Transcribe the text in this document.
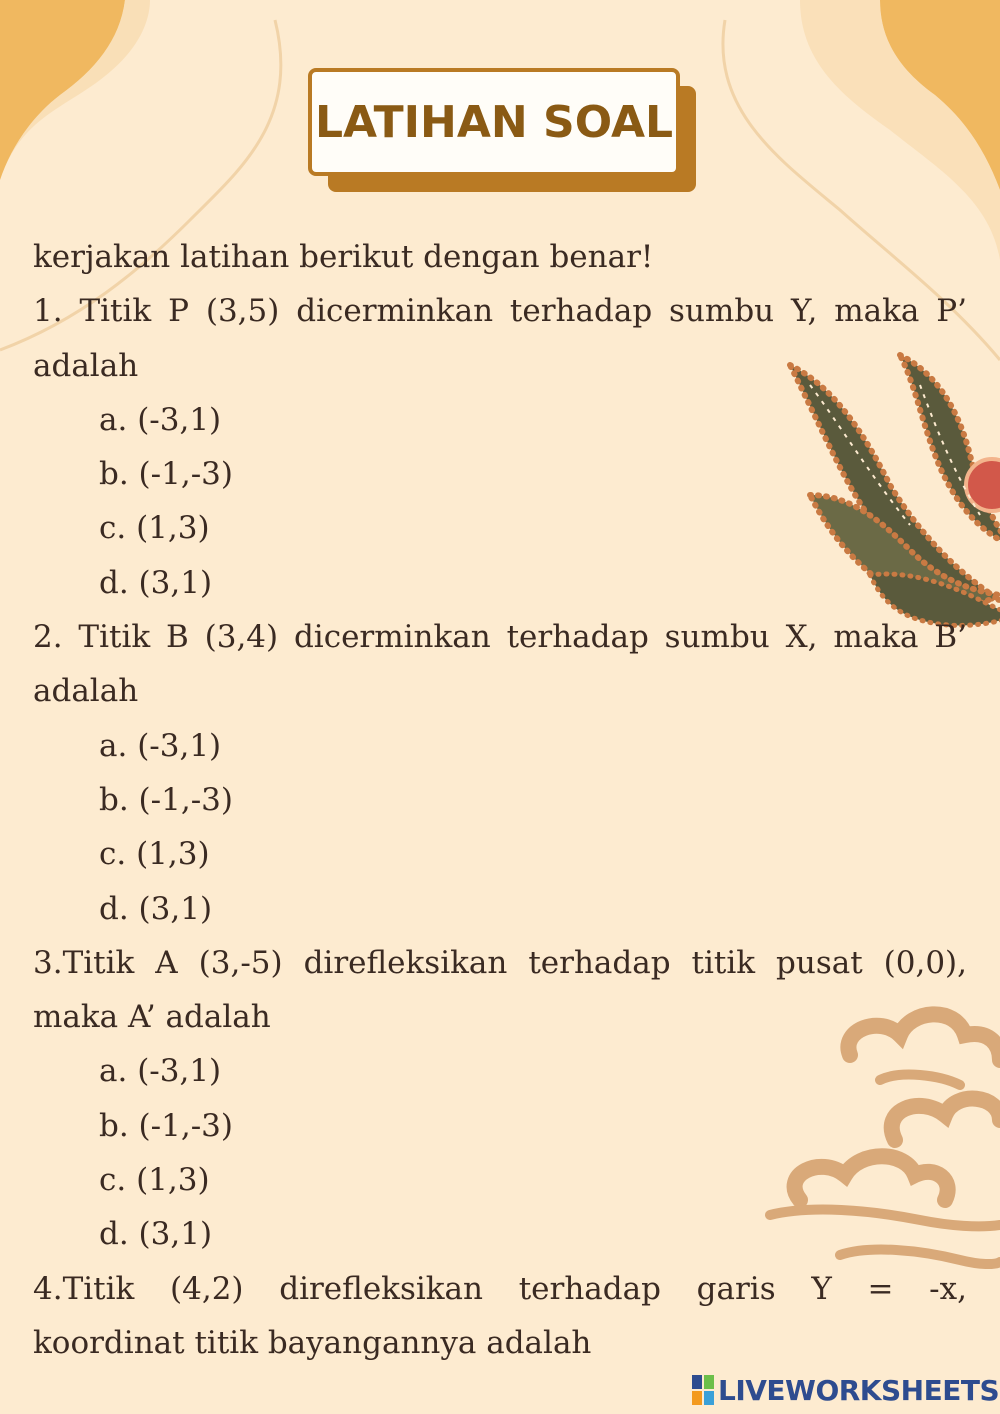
LATIHAN SOAL
kerjakan latihan berikut dengan benar!
1. Titik P (3,5) dicerminkan terhadap sumbu Y, maka P’
adalah
a. (-3,1)
b. (-1,-3)
c. (1,3)
d. (3,1)
2. Titik B (3,4) dicerminkan terhadap sumbu X, maka B’
adalah
a. (-3,1)
b. (-1,-3)
c. (1,3)
d. (3,1)
3.Titik A (3,-5) direfleksikan terhadap titik pusat (0,0),
maka A’ adalah
a. (-3,1)
b. (-1,-3)
c. (1,3)
d. (3,1)
4.Titik (4,2) direfleksikan terhadap garis Y = -x,
koordinat titik bayangannya adalah
LIVEWORKSHEETS
